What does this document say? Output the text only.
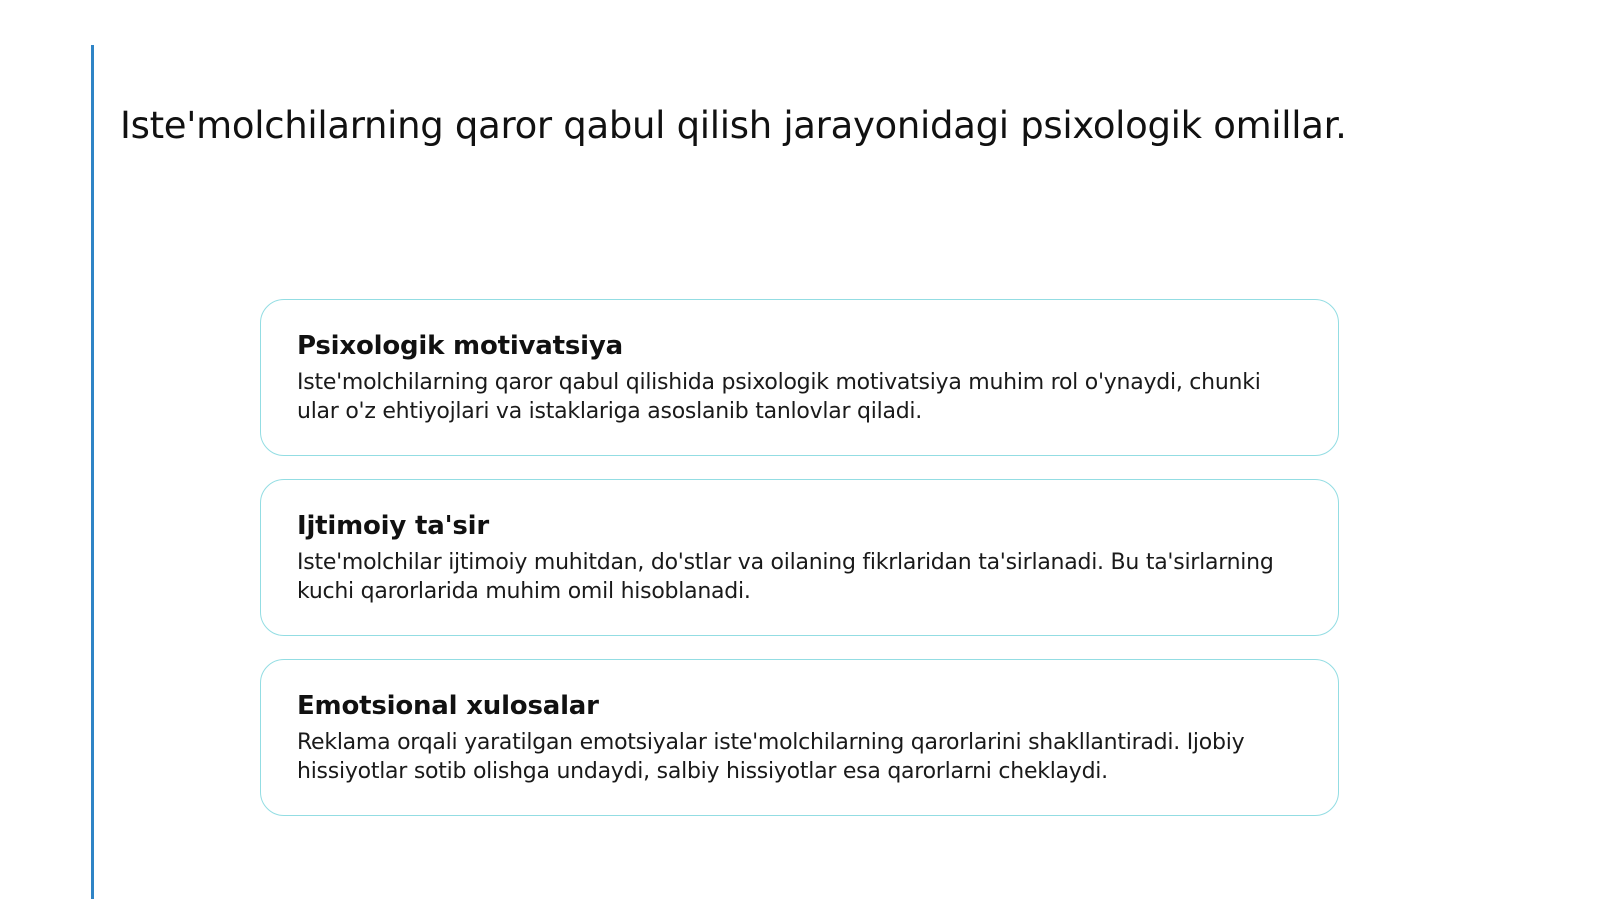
Iste'molchilarning qaror qabul qilish jarayonidagi psixologik omillar.
Psixologik motivatsiya

Iste'molchilarning qaror qabul qilishida psixologik motivatsiya muhim rol o'ynaydi, chunki ular o'z ehtiyojlari va istaklariga asoslanib tanlovlar qiladi.

Ijtimoiy ta'sir

Iste'molchilar ijtimoiy muhitdan, do'stlar va oilaning fikrlaridan ta'sirlanadi. Bu ta'sirlarning kuchi qarorlarida muhim omil hisoblanadi.

Emotsional xulosalar

Reklama orqali yaratilgan emotsiyalar iste'molchilarning qarorlarini shakllantiradi. Ijobiy hissiyotlar sotib olishga undaydi, salbiy hissiyotlar esa qarorlarni cheklaydi.
